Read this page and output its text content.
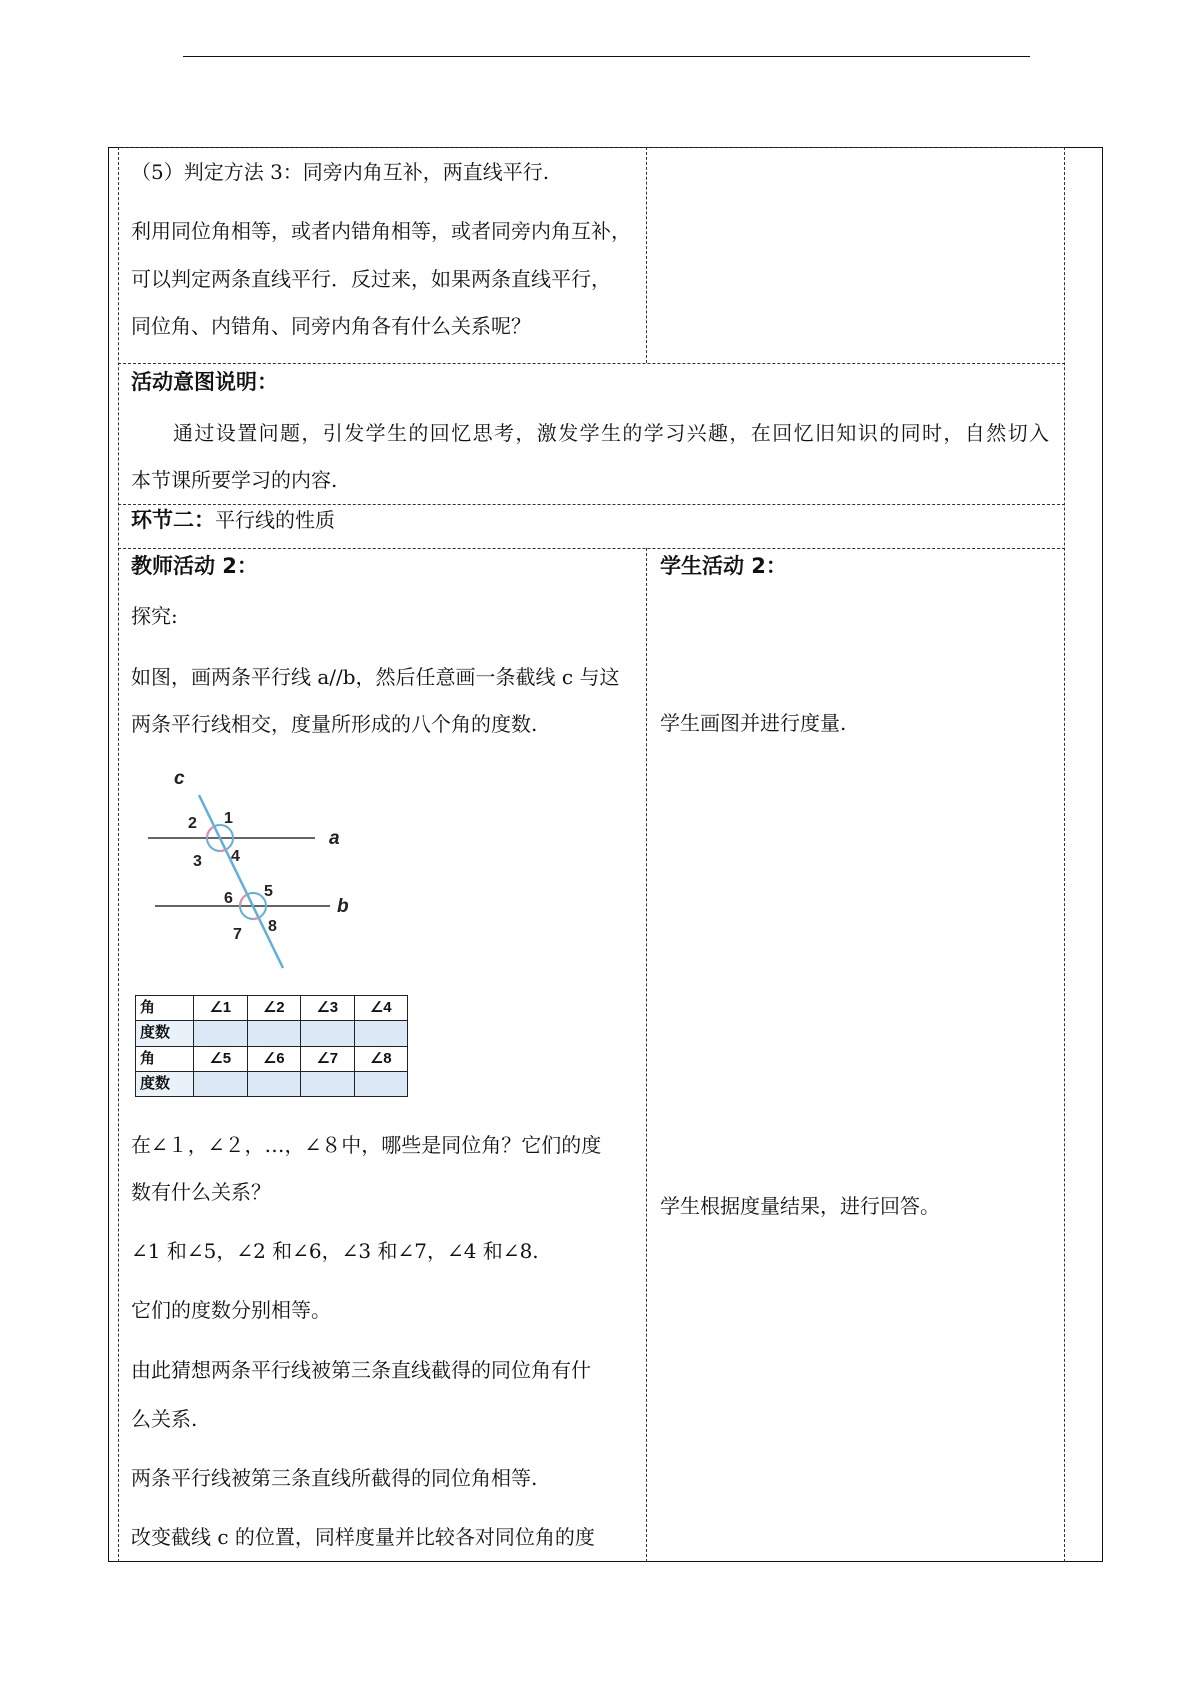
（5）判定方法 3：同旁内角互补，两直线平行.
利用同位角相等，或者内错角相等，或者同旁内角互补，
可以判定两条直线平行．反过来，如果两条直线平行，
同位角、内错角、同旁内角各有什么关系呢？
活动意图说明：
通过设置问题，引发学生的回忆思考，激发学生的学习兴趣，在回忆旧知识的同时，自然切入
本节课所要学习的内容.
环节二：平行线的性质
教师活动 2：
探究:
如图，画两条平行线 a//b，然后任意画一条截线 c 与这
两条平行线相交，度量所形成的八个角的度数.
c
a
b
1
2
3 4
5
6
7 8
角	∠1	∠2	∠3	∠4
度数				
角	∠5	∠6	∠7	∠8
度数				
在∠１，∠２，…，∠８中，哪些是同位角？它们的度
数有什么关系？
∠1 和∠5，∠2 和∠6，∠3 和∠7，∠4 和∠8.
它们的度数分别相等。
由此猜想两条平行线被第三条直线截得的同位角有什
么关系.
两条平行线被第三条直线所截得的同位角相等.
改变截线 c 的位置，同样度量并比较各对同位角的度
学生活动 2：
学生画图并进行度量.
学生根据度量结果，进行回答。
